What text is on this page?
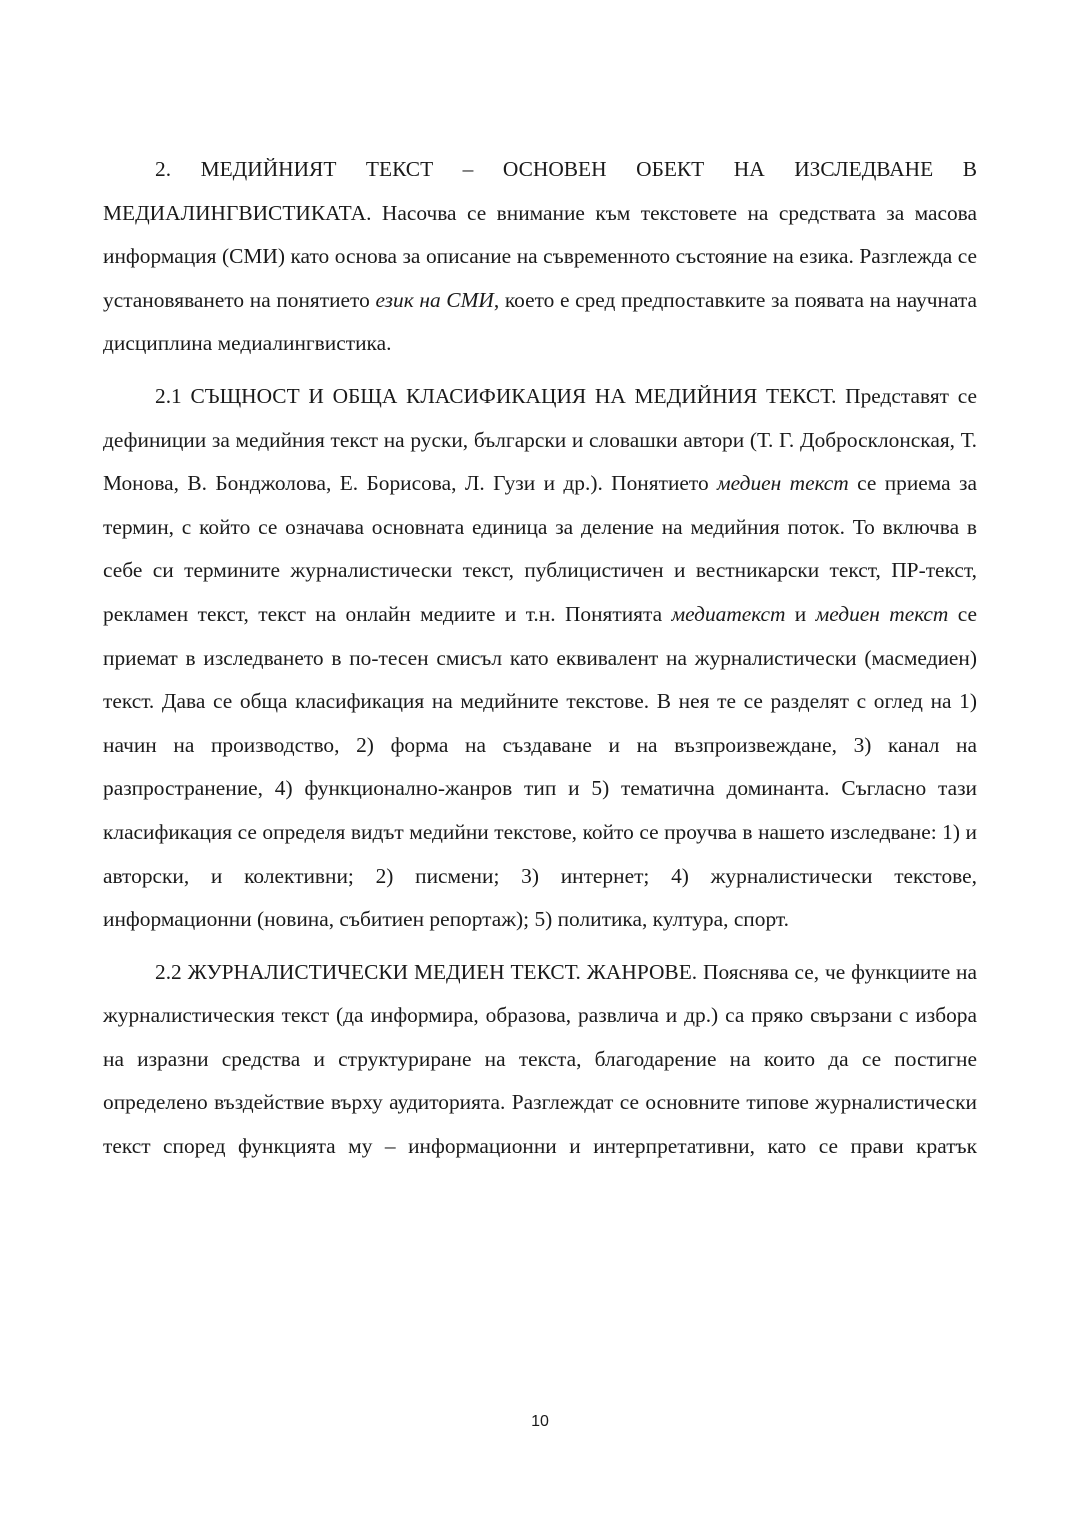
2. МЕДИЙНИЯТ ТЕКСТ – ОСНОВЕН ОБЕКТ НА ИЗСЛЕДВАНЕ В МЕДИАЛИНГВИСТИКАТА. Насочва се внимание към текстовете на средствата за масова информация (СМИ) като основа за описание на съвременното състояние на езика. Разглежда се установяването на понятието език на СМИ, което е сред предпоставките за появата на научната дисциплина медиалингвистика.

2.1 СЪЩНОСТ И ОБЩА КЛАСИФИКАЦИЯ НА МЕДИЙНИЯ ТЕКСТ. Представят се дефиниции за медийния текст на руски, български и словашки автори (Т. Г. Добросклонская, Т. Монова, В. Бонджолова, Е. Борисова, Л. Гузи и др.). Понятието медиен текст се приема за термин, с който се означава основната единица за деление на медийния поток. То включва в себе си термините журналистически текст, публицистичен и вестникарски текст, ПР-текст, рекламен текст, текст на онлайн медиите и т.н. Понятията медиатекст и медиен текст се приемат в изследването в по-тесен смисъл като еквивалент на журналистически (масмедиен) текст. Дава се обща класификация на медийните текстове. В нея те се разделят с оглед на 1) начин на производство, 2) форма на създаване и на възпроизвеждане, 3) канал на разпространение, 4) функционално-жанров тип и 5) тематична доминанта. Съгласно тази класификация се определя видът медийни текстове, който се проучва в нашето изследване: 1) и авторски, и колективни; 2) писмени; 3) интернет; 4) журналистически текстове, информационни (новина, събитиен репортаж); 5) политика, култура, спорт.

2.2 ЖУРНАЛИСТИЧЕСКИ МЕДИЕН ТЕКСТ. ЖАНРОВЕ. Пояснява се, че функциите на журналистическия текст (да информира, образова, развлича и др.) са пряко свързани с избора на изразни средства и структуриране на текста, благодарение на които да се постигне определено въздействие върху аудиторията. Разглеждат се основните типове журналистически текст според функцията му – информационни и интерпретативни, като се прави кратък

10
